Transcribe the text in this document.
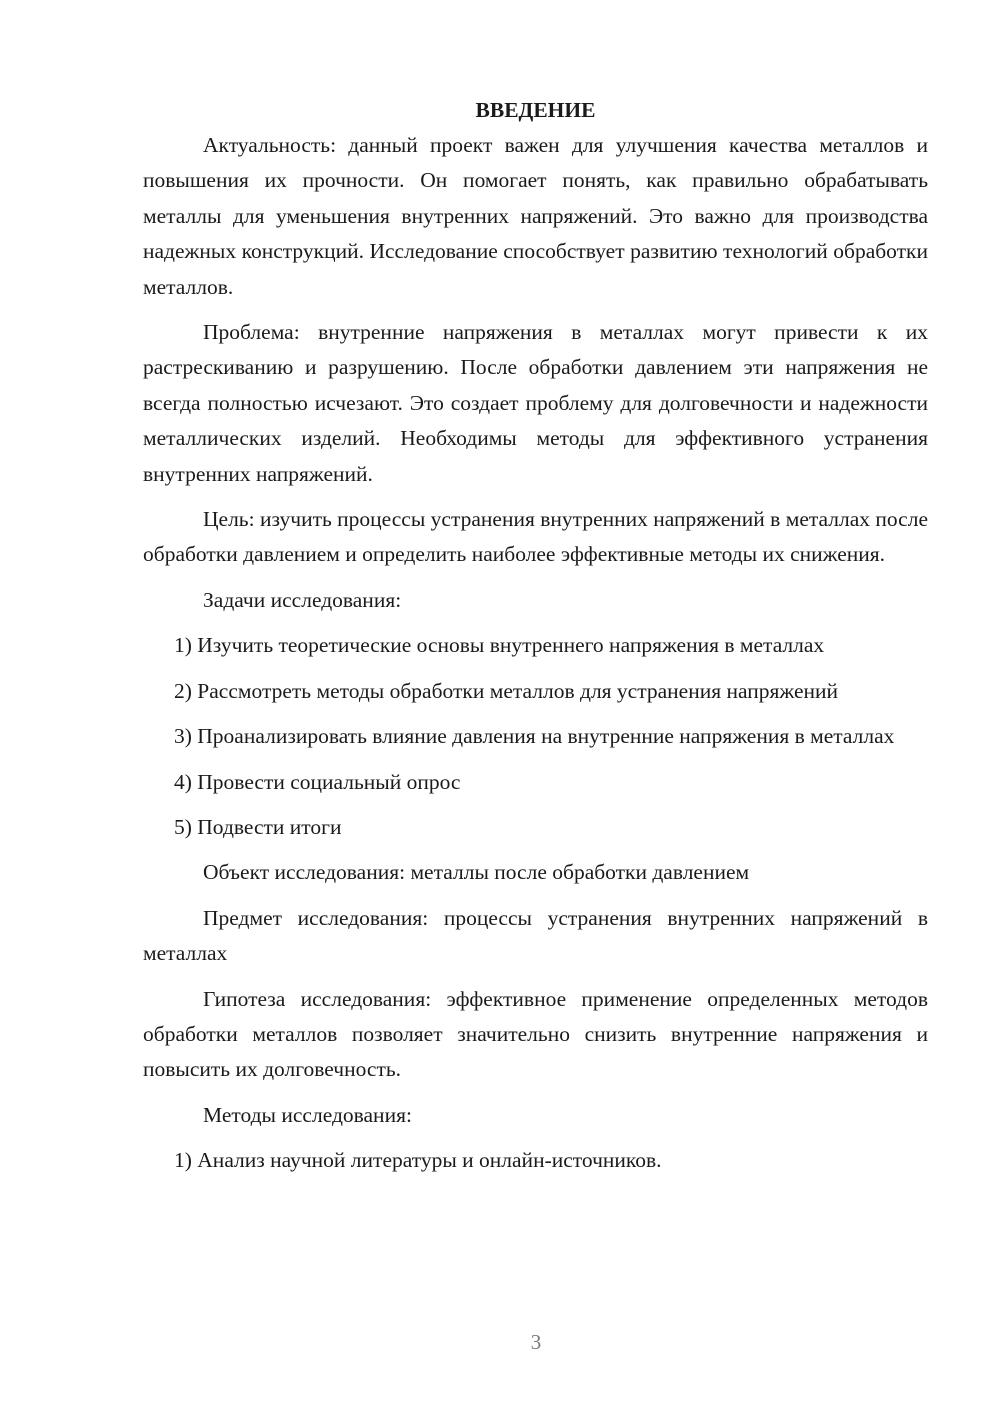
ВВЕДЕНИЕ

Актуальность: данный проект важен для улучшения качества металлов и повышения их прочности. Он помогает понять, как правильно обрабатывать металлы для уменьшения внутренних напряжений. Это важно для производства надежных конструкций. Исследование способствует развитию технологий обработки металлов.

Проблема: внутренние напряжения в металлах могут привести к их растрескиванию и разрушению. После обработки давлением эти напряжения не всегда полностью исчезают. Это создает проблему для долговечности и надежности металлических изделий. Необходимы методы для эффективного устранения внутренних напряжений.

Цель: изучить процессы устранения внутренних напряжений в металлах после обработки давлением и определить наиболее эффективные методы их снижения.

Задачи исследования:

1) Изучить теоретические основы внутреннего напряжения в металлах

2) Рассмотреть методы обработки металлов для устранения напряжений

3) Проанализировать влияние давления на внутренние напряжения в металлах

4) Провести социальный опрос

5) Подвести итоги

Объект исследования: металлы после обработки давлением

Предмет исследования: процессы устранения внутренних напряжений в металлах

Гипотеза исследования: эффективное применение определенных методов обработки металлов позволяет значительно снизить внутренние напряжения и повысить их долговечность.

Методы исследования:

1) Анализ научной литературы и онлайн-источников.

3
